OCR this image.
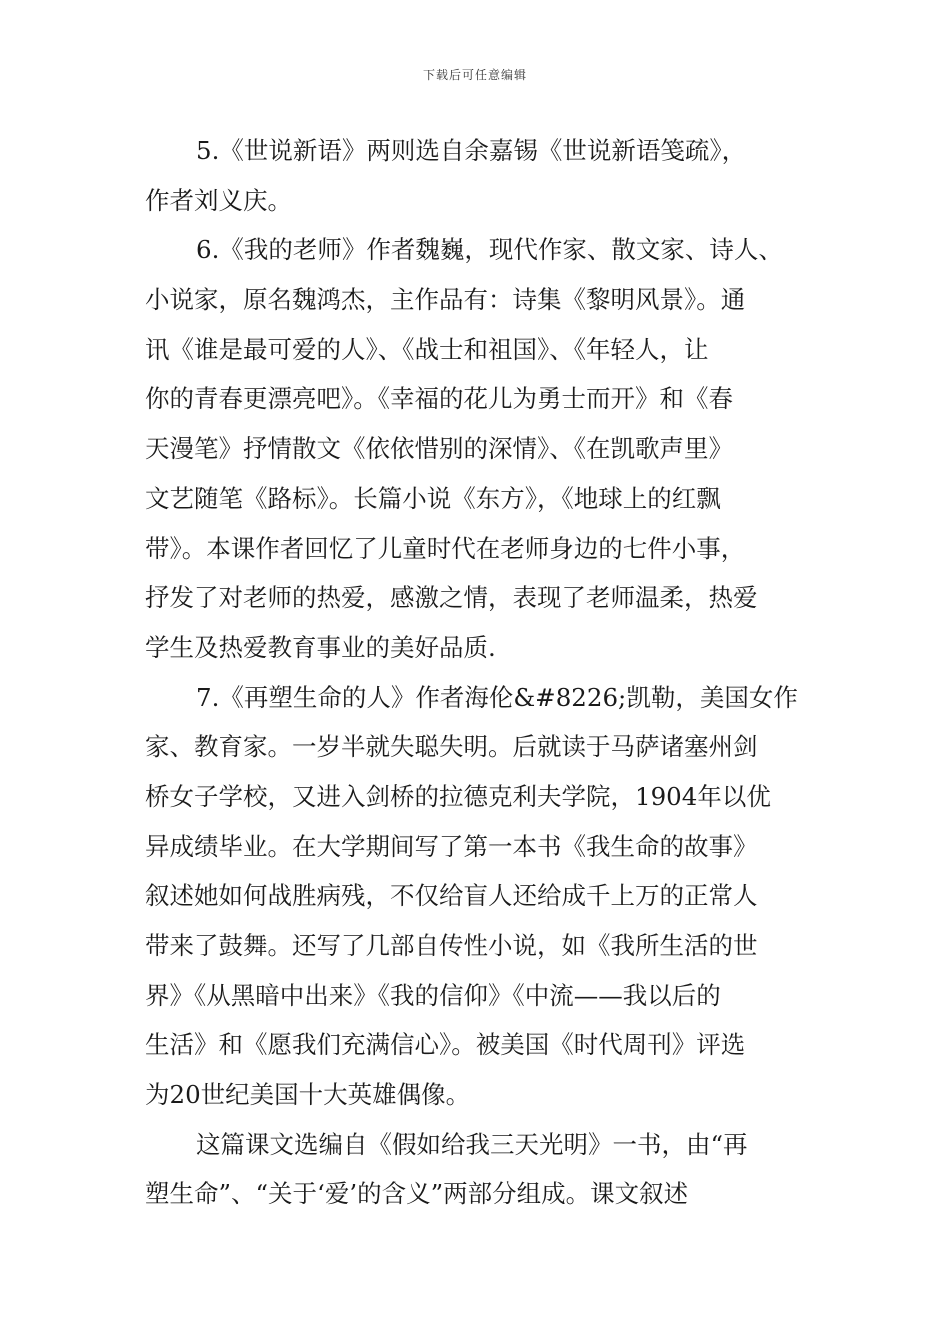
下载后可任意编辑
5.《世说新语》两则选自余嘉锡《世说新语笺疏》，
作者刘义庆。
6.《我的老师》作者魏巍，现代作家、散文家、诗人、
小说家，原名魏鸿杰，主作品有：诗集《黎明风景》。通
讯《谁是最可爱的人》、《战士和祖国》、《年轻人，让
你的青春更漂亮吧》。《幸福的花儿为勇士而开》和《春
天漫笔》抒情散文《依依惜别的深情》、《在凯歌声里》
文艺随笔《路标》。长篇小说《东方》，《地球上的红飘
带》。本课作者回忆了儿童时代在老师身边的七件小事，
抒发了对老师的热爱，感激之情，表现了老师温柔，热爱
学生及热爱教育事业的美好品质.
7.《再塑生命的人》作者海伦&#8226;凯勒，美国女作
家、教育家。一岁半就失聪失明。后就读于马萨诸塞州剑
桥女子学校，又进入剑桥的拉德克利夫学院，1904年以优
异成绩毕业。在大学期间写了第一本书《我生命的故事》
叙述她如何战胜病残，不仅给盲人还给成千上万的正常人
带来了鼓舞。还写了几部自传性小说，如《我所生活的世
界》《从黑暗中出来》《我的信仰》《中流——我以后的
生活》和《愿我们充满信心》。被美国《时代周刊》评选
为20世纪美国十大英雄偶像。
这篇课文选编自《假如给我三天光明》一书，由“再
塑生命”、“关于‘爱’的含义”两部分组成。课文叙述
